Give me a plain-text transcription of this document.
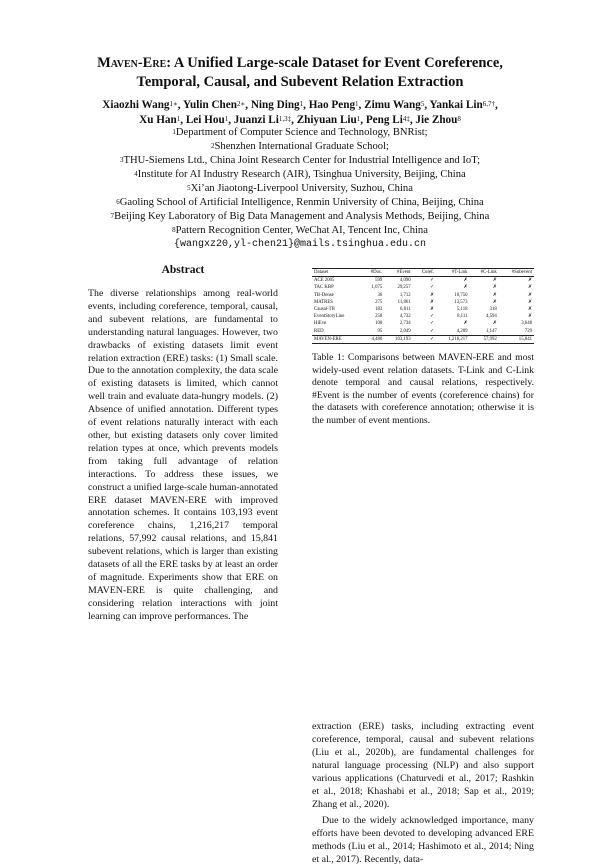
Maven-Ere: A Unified Large-scale Dataset for Event Coreference,
Temporal, Causal, and Subevent Relation Extraction
Xiaozhi Wang$^{1∗}$, Yulin Chen$^{2∗}$, Ning Ding$^1$, Hao Peng$^1$, Zimu Wang$^5$, Yankai Lin$^{6,7\dagger}$,
Xu Han$^1$, Lei Hou$^1$, Juanzi $Li^{1,3\ddagger}$, Zhiyuan Liu$^1$, Peng $Li^{4\ddagger}$, Jie Zhou$^8$
$^1$Department of Computer Science and Technology, BNRist;
$^2$Shenzhen International Graduate School;
$^3$THU-Siemens Ltd., China Joint Research Center for Industrial Intelligence and IoT;
$^4$Institute for AI Industry Research (AIR), Tsinghua University, Beijing, China
$^5$Xi’an Jiaotong-Liverpool University, Suzhou, China
$^6$Gaoling School of Artificial Intelligence, Renmin University of China, Beijing, China
$^7$Beijing Key Laboratory of Big Data Management and Analysis Methods, Beijing, China
$^8$Pattern Recognition Center, WeChat AI, Tencent Inc, China
{wangxz20,yl-chen21}@mails.tsinghua.edu.cn
Abstract

The diverse relationships among real-world events, including coreference, temporal, causal, and subevent relations, are fundamental to understanding natural languages. However, two drawbacks of existing datasets limit event relation extraction (ERE) tasks: (1) Small scale. Due to the annotation complexity, the data scale of existing datasets is limited, which cannot well train and evaluate data-hungry models. (2) Absence of unified annotation. Different types of event relations naturally interact with each other, but existing datasets only cover limited relation types at once, which prevents models from taking full advantage of relation interactions. To address these issues, we construct a unified large-scale human-annotated ERE dataset MAVEN-ERE with improved annotation schemes. It contains 103,193 event coreference chains, 1,216,217 temporal relations, 57,992 causal relations, and 15,841 subevent relations, which is larger than existing datasets of all the ERE tasks by at least an order of magnitude. Experiments show that ERE on MAVEN-ERE is quite challenging, and considering relation interactions with joint learning can improve performances. The

Dataset	#Doc.	#Event	Coref.	#T-Link	#C-Link	#Subevent
ACE 2005	599	4,090	✓	✗	✗	✗
TAC KBP	1,075	29,257	✓	✗	✗	✗
TB-Dense	36	1,712	✗	10,750	✗	✗
MATRES	275	11,861	✗	13,573	✗	✗
Causal-TB	183	6,811	✗	5,118	318	✗
EventStoryLine	258	4,732	✓	8,111	4,594	✗
HiEve	100	2,734	✓	✗	✗	3,648
RED	95	2,049	✓	4,209	1,147	729
MAVEN-ERE	4,480	103,193	✓	1,216,217	57,992	15,841
Table 1: Comparisons between MAVEN-ERE and most widely-used event relation datasets. T-Link and C-Link denote temporal and causal relations, respectively. #Event is the number of events (coreference chains) for the datasets with coreference annotation; otherwise it is the number of event mentions.

extraction (ERE) tasks, including extracting event coreference, temporal, causal and subevent relations (Liu et al., 2020b), are fundamental challenges for natural language processing (NLP) and also support various applications (Chaturvedi et al., 2017; Rashkin et al., 2018; Khashabi et al., 2018; Sap et al., 2019; Zhang et al., 2020).

Due to the widely acknowledged importance, many efforts have been devoted to developing advanced ERE methods (Liu et al., 2014; Hashimoto et al., 2014; Ning et al., 2017). Recently, data-
